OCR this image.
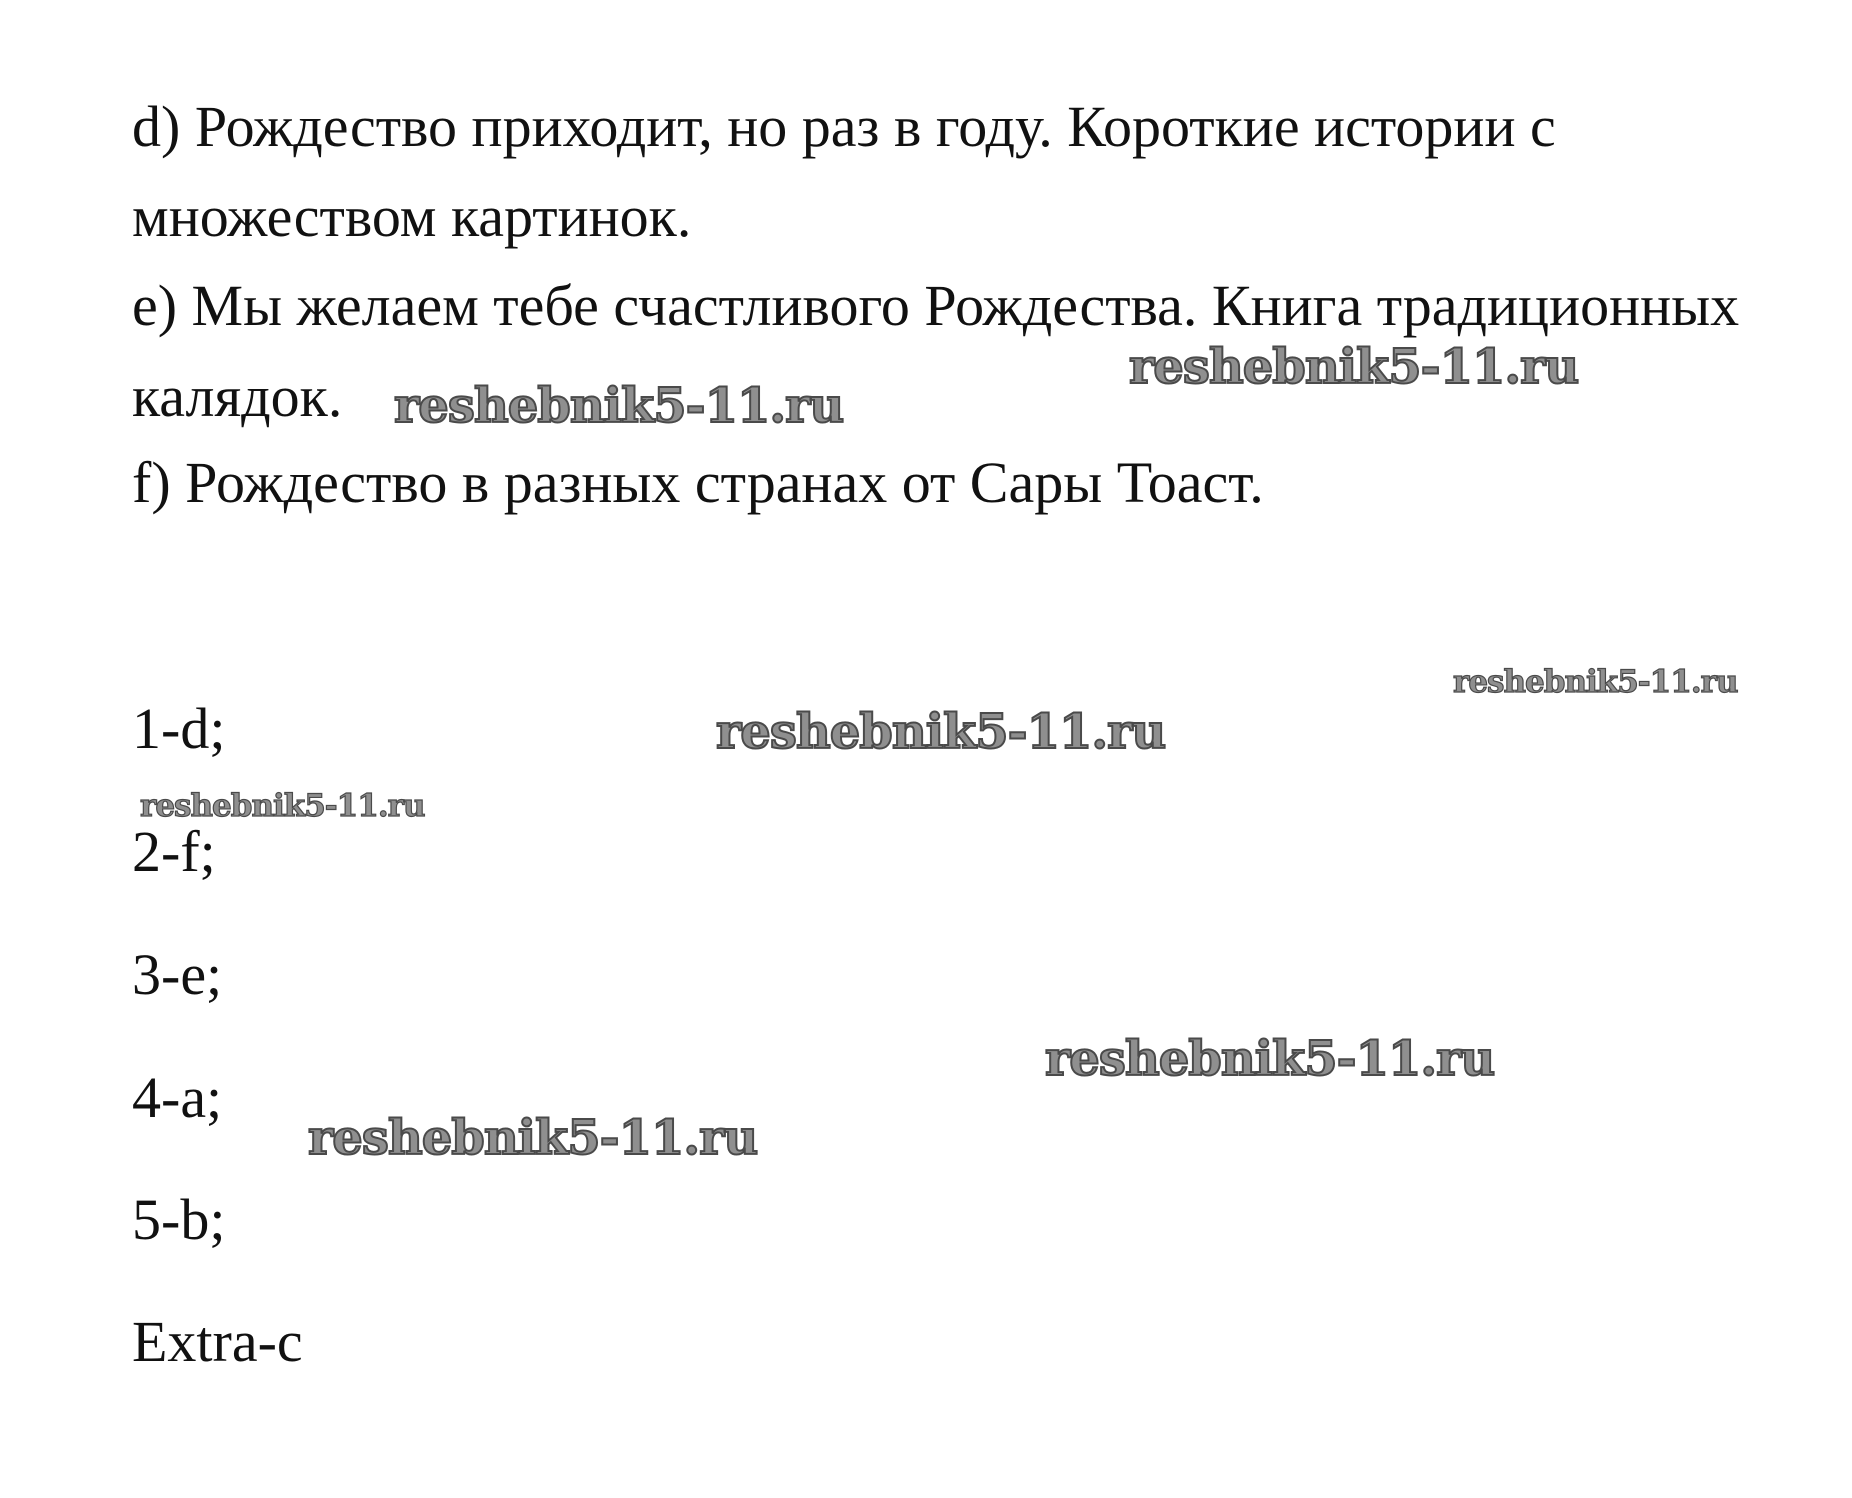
d) Рождество приходит, но раз в году. Короткие истории с
множеством картинок.
e) Мы желаем тебе счастливого Рождества. Книга традиционных
калядок.
f) Рождество в разных странах от Сары Тоаст.
1-d;
2-f;
3-e;
4-a;
5-b;
Extra-c
reshebnik5-11.ru
reshebnik5-11.ru
reshebnik5-11.ru
reshebnik5-11.ru
reshebnik5-11.ru
reshebnik5-11.ru
reshebnik5-11.ru
